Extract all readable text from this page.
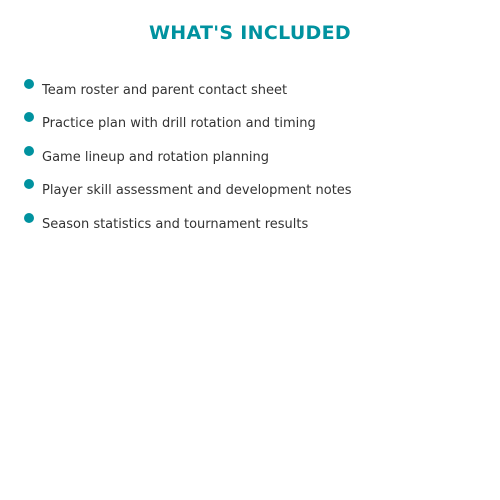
WHAT'S INCLUDED
Team roster and parent contact sheet
Practice plan with drill rotation and timing
Game lineup and rotation planning
Player skill assessment and development notes
Season statistics and tournament results
